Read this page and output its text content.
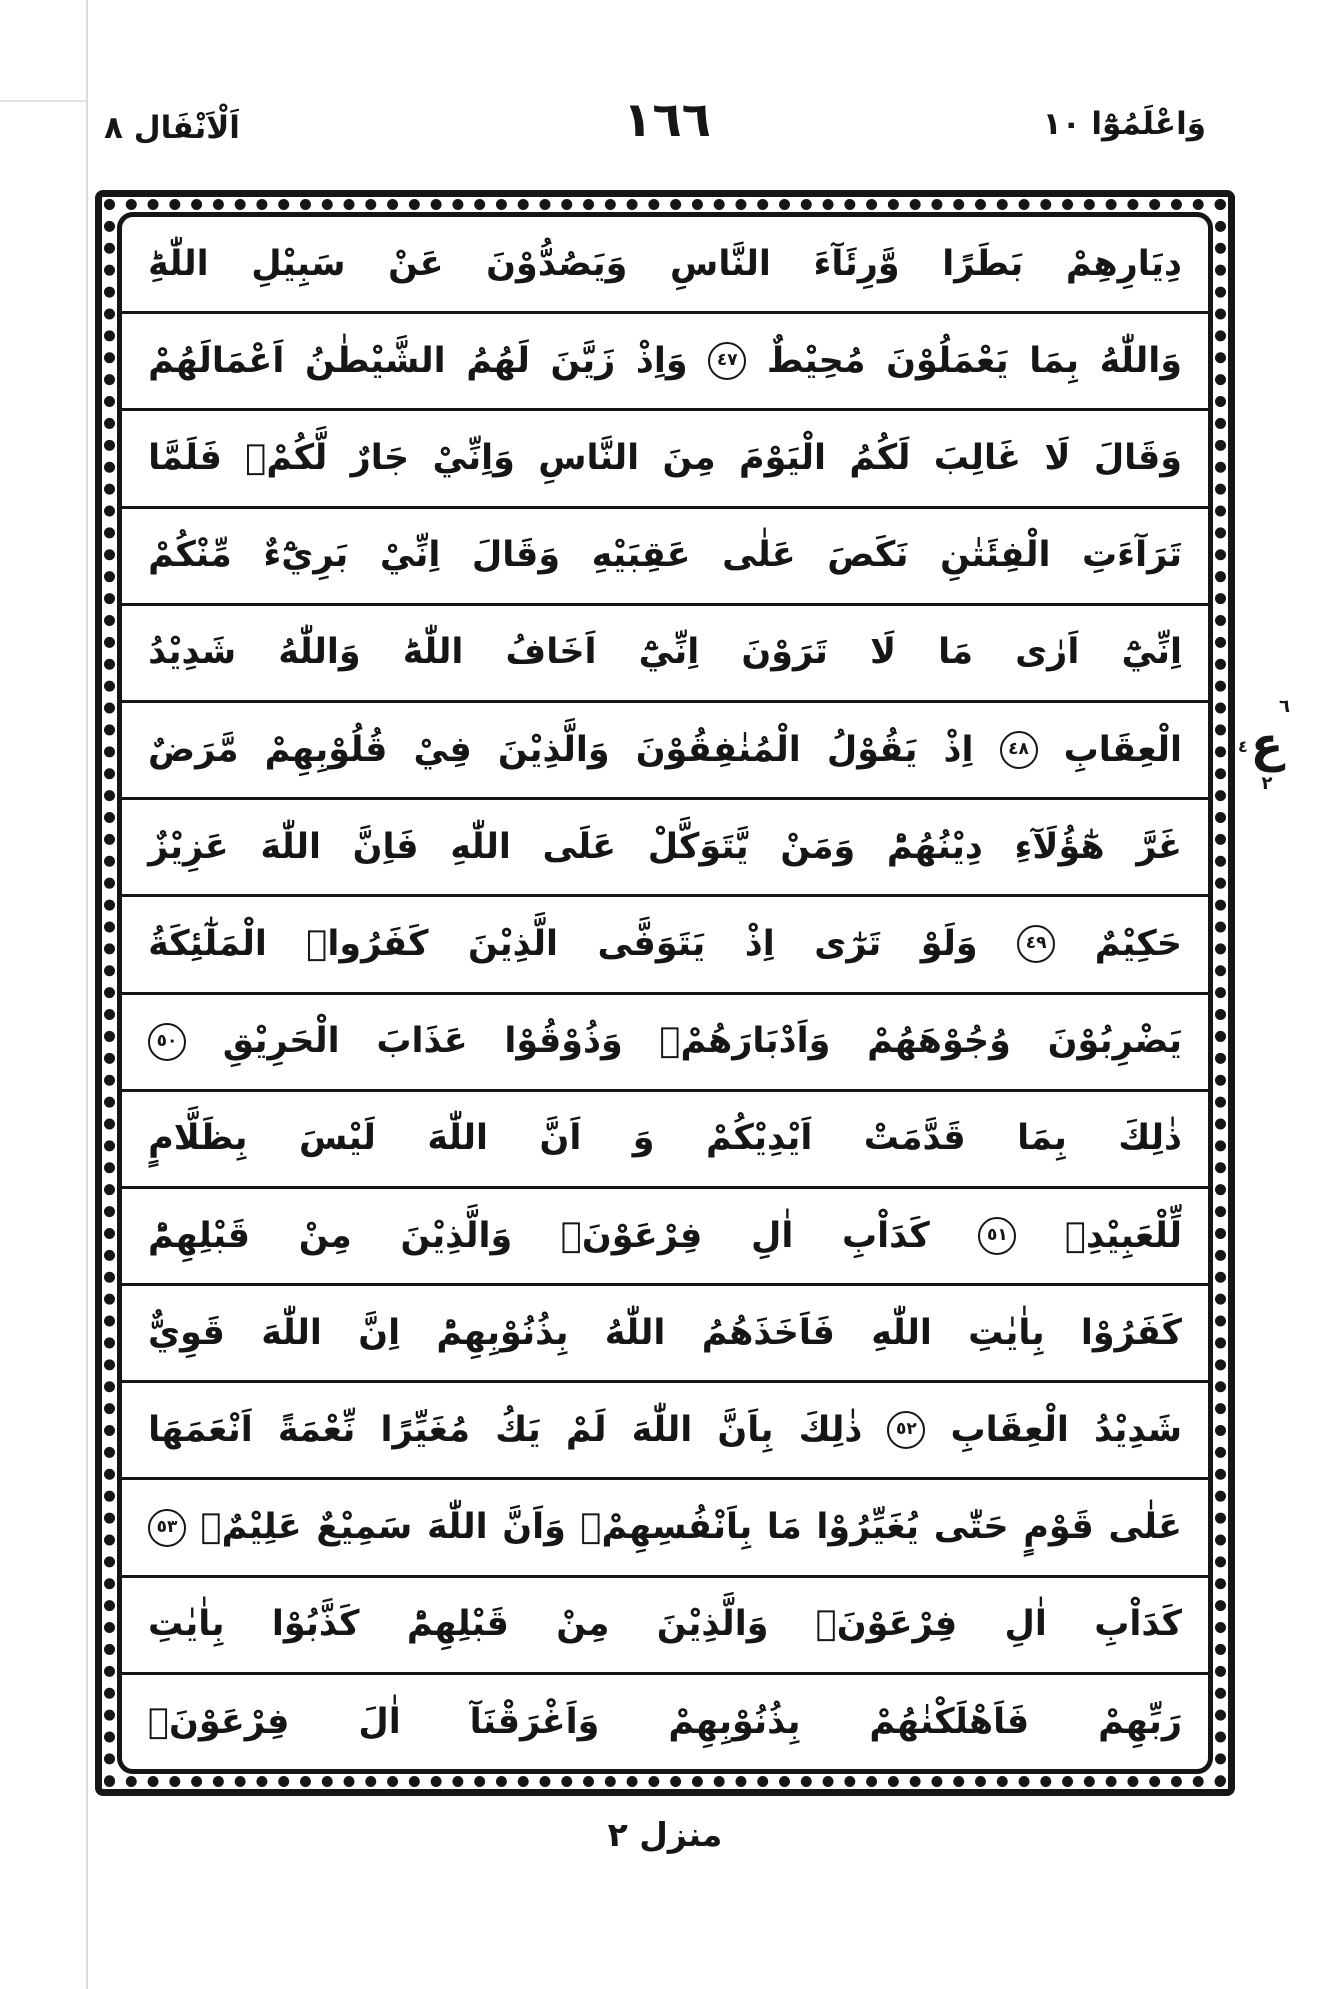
اَلْاَنْفَال ٨	١٦٦	وَاعْلَمُوْٓا ١٠
دِيَارِهِمْ
بَطَرًا
وَّرِئَآءَ
النَّاسِ
وَيَصُدُّوْنَ
عَنْ
سَبِيْلِ
اللّٰهِؕ
وَاللّٰهُ
بِمَا
يَعْمَلُوْنَ
مُحِيْطٌ
٤٧
وَاِذْ
زَيَّنَ
لَهُمُ
الشَّيْطٰنُ
اَعْمَالَهُمْ
وَقَالَ
لَا
غَالِبَ
لَكُمُ
الْيَوْمَ
مِنَ
النَّاسِ
وَاِنِّيْ
جَارٌ
لَّكُمْۚ
فَلَمَّا
تَرَآءَتِ
الْفِئَتٰنِ
نَكَصَ
عَلٰى
عَقِبَيْهِ
وَقَالَ
اِنِّيْ
بَرِيْٓءٌ
مِّنْكُمْ
اِنِّيْٓ
اَرٰى
مَا
لَا
تَرَوْنَ
اِنِّيْٓ
اَخَافُ
اللّٰهَؕ
وَاللّٰهُ
شَدِيْدُ
الْعِقَابِ
٤٨
اِذْ
يَقُوْلُ
الْمُنٰفِقُوْنَ
وَالَّذِيْنَ
فِيْ
قُلُوْبِهِمْ
مَّرَضٌ
غَرَّ
هٰٓؤُلَآءِ
دِيْنُهُمْؕ
وَمَنْ
يَّتَوَكَّلْ
عَلَى
اللّٰهِ
فَاِنَّ
اللّٰهَ
عَزِيْزٌ
حَكِيْمٌ
٤٩
وَلَوْ
تَرٰٓى
اِذْ
يَتَوَفَّى
الَّذِيْنَ
كَفَرُواۙ
الْمَلٰٓئِكَةُ
يَضْرِبُوْنَ
وُجُوْهَهُمْ
وَاَدْبَارَهُمْۚ
وَذُوْقُوْا
عَذَابَ
الْحَرِيْقِ
٥٠
ذٰلِكَ
بِمَا
قَدَّمَتْ
اَيْدِيْكُمْ
وَ
اَنَّ
اللّٰهَ
لَيْسَ
بِظَلَّامٍ
لِّلْعَبِيْدِۙ
٥١
كَدَاْبِ
اٰلِ
فِرْعَوْنَۙ
وَالَّذِيْنَ
مِنْ
قَبْلِهِمْؕ
كَفَرُوْا
بِاٰيٰتِ
اللّٰهِ
فَاَخَذَهُمُ
اللّٰهُ
بِذُنُوْبِهِمْؕ
اِنَّ
اللّٰهَ
قَوِيٌّ
شَدِيْدُ
الْعِقَابِ
٥٢
ذٰلِكَ
بِاَنَّ
اللّٰهَ
لَمْ
يَكُ
مُغَيِّرًا
نِّعْمَةً
اَنْعَمَهَا
عَلٰى
قَوْمٍ
حَتّٰى
يُغَيِّرُوْا
مَا
بِاَنْفُسِهِمْۙ
وَاَنَّ
اللّٰهَ
سَمِيْعٌ
عَلِيْمٌۙ
٥٣
كَدَاْبِ
اٰلِ
فِرْعَوْنَۙ
وَالَّذِيْنَ
مِنْ
قَبْلِهِمْؕ
كَذَّبُوْا
بِاٰيٰتِ
رَبِّهِمْ
فَاَهْلَكْنٰهُمْ
بِذُنُوْبِهِمْ
وَاَغْرَقْنَآ
اٰلَ
فِرْعَوْنَۚ
٦
ع
٤
٢
منزل ٢
